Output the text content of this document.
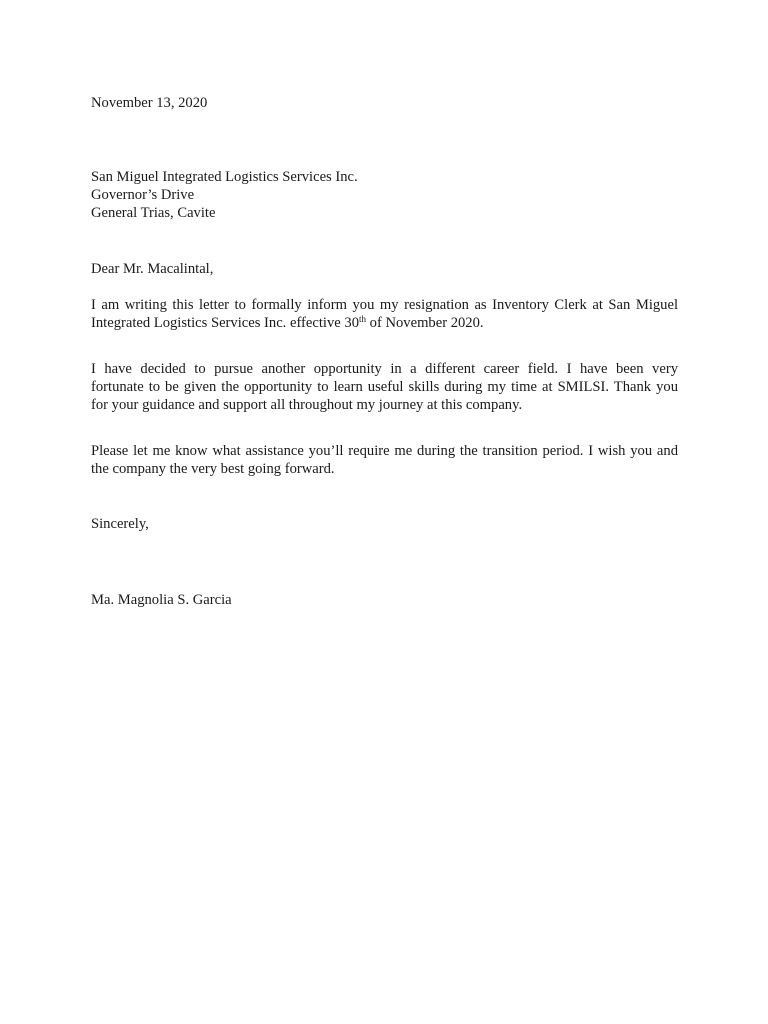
November 13, 2020
San Miguel Integrated Logistics Services Inc.
Governor’s Drive
General Trias, Cavite
Dear Mr. Macalintal,
I am writing this letter to formally inform you my resignation as Inventory Clerk at San Miguel
Integrated Logistics Services Inc. effective 30th of November 2020.
I have decided to pursue another opportunity in a different career field. I have been very
fortunate to be given the opportunity to learn useful skills during my time at SMILSI. Thank you
for your guidance and support all throughout my journey at this company.
Please let me know what assistance you’ll require me during the transition period. I wish you and
the company the very best going forward.
Sincerely,
Ma. Magnolia S. Garcia
